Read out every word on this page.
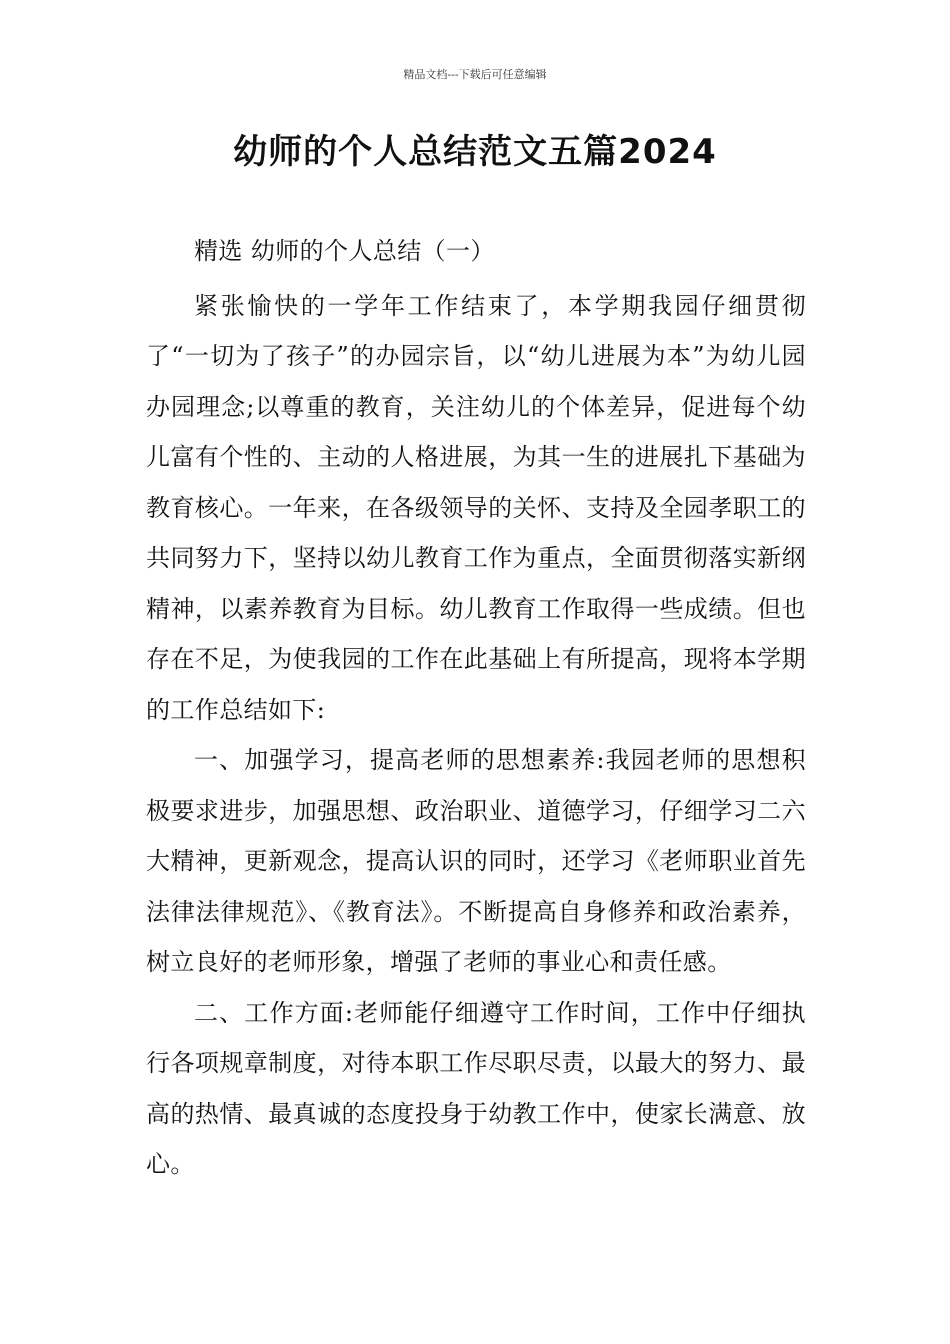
精品文档---下载后可任意编辑
幼师的个人总结范文五篇2024

精选 幼师的个人总结（一）

紧张愉快的一学年工作结束了，本学期我园仔细贯彻了“一切为了孩子”的办园宗旨，以“幼儿进展为本”为幼儿园办园理念;以尊重的教育，关注幼儿的个体差异，促进每个幼儿富有个性的、主动的人格进展，为其一生的进展扎下基础为教育核心。一年来，在各级领导的关怀、支持及全园孝职工的共同努力下，坚持以幼儿教育工作为重点，全面贯彻落实新纲精神，以素养教育为目标。幼儿教育工作取得一些成绩。但也存在不足，为使我园的工作在此基础上有所提高，现将本学期的工作总结如下:

一、加强学习，提高老师的思想素养:我园老师的思想积极要求进步，加强思想、政治职业、道德学习，仔细学习二六大精神，更新观念，提高认识的同时，还学习《老师职业首先法律法律规范》、《教育法》。不断提高自身修养和政治素养，树立良好的老师形象，增强了老师的事业心和责任感。

二、工作方面:老师能仔细遵守工作时间，工作中仔细执行各项规章制度，对待本职工作尽职尽责，以最大的努力、最高的热情、最真诚的态度投身于幼教工作中，使家长满意、放心。
